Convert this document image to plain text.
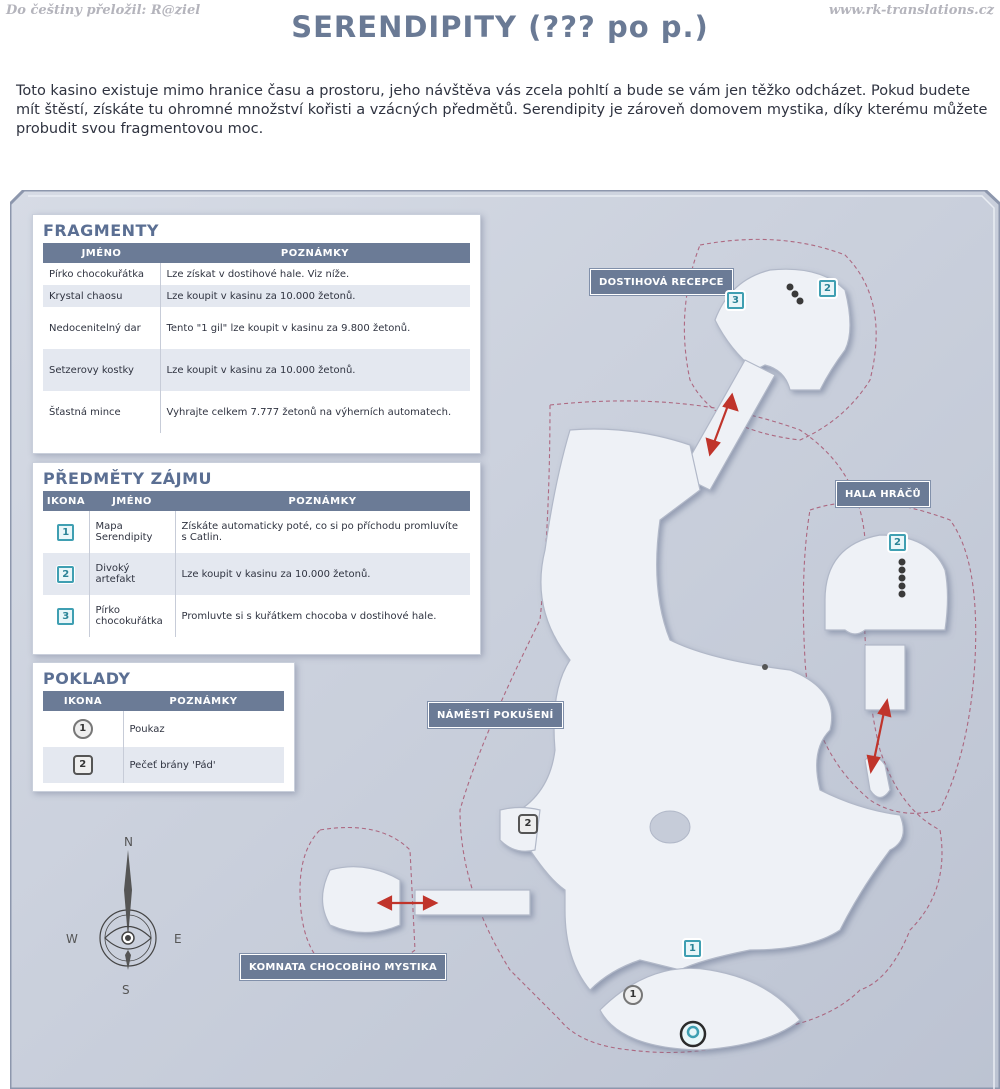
Do češtiny přeložil: R@ziel	www.rk-translations.cz
SERENDIPITY (??? po p.)
Toto kasino existuje mimo hranice času a prostoru, jeho návštěva vás zcela pohltí a bude se vám jen těžko odcházet. Pokud budete mít štěstí, získáte tu ohromné množství kořisti a vzácných předmětů. Serendipity je zároveň domovem mystika, díky kterému můžete probudit svou fragmentovou moc.
N
S
E
W
DOSTIHOVÁ RECEPCE
HALA HRÁČŮ
NÁMĚSTÍ POKUŠENÍ
KOMNATA CHOCOBÍHO MYSTIKA
3
2
2
1
2
1
FRAGMENTY
JMÉNO	POZNÁMKY
Pírko chocokuřátka	Lze získat v dostihové hale. Viz níže.
Krystal chaosu	Lze koupit v kasinu za 10.000 žetonů.
Nedocenitelný dar	Tento "1 gil" lze koupit v kasinu za 9.800 žetonů.
Setzerovy kostky	Lze koupit v kasinu za 10.000 žetonů.
Šťastná mince	Vyhrajte celkem 7.777 žetonů na výherních automatech.
PŘEDMĚTY ZÁJMU
IKONA	JMÉNO	POZNÁMKY
1	Mapa Serendipity	Získáte automaticky poté, co si po příchodu promluvíte s Catlin.
2	Divoký artefakt	Lze koupit v kasinu za 10.000 žetonů.
3	Pírko chocokuřátka	Promluvte si s kuřátkem chocoba v dostihové hale.
POKLADY
IKONA	POZNÁMKY
1	Poukaz
2	Pečeť brány 'Pád'
